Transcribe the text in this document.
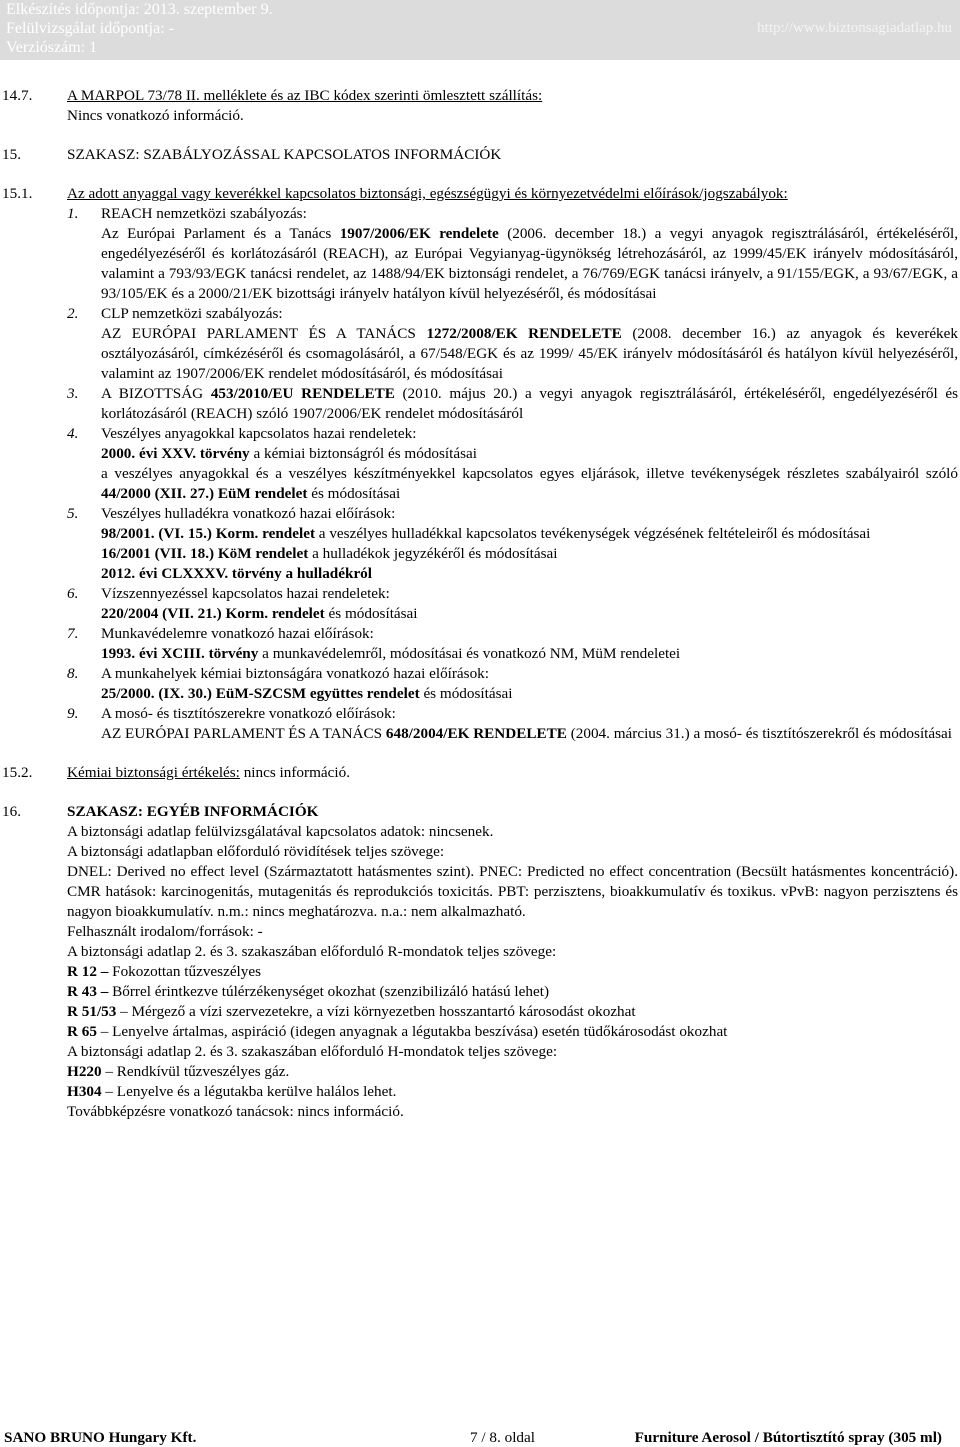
Elkészítés időpontja: 2013. szeptember 9.
Felülvizsgálat időpontja: -
Verziószám: 1
http://www.biztonsagiadatlap.hu
14.7. A MARPOL 73/78 II. melléklete és az IBC kódex szerinti ömlesztett szállítás:
Nincs vonatkozó információ.
15.	SZAKASZ: SZABÁLYOZÁSSAL KAPCSOLATOS INFORMÁCIÓK
15.1. Az adott anyaggal vagy keverékkel kapcsolatos biztonsági, egészségügyi és környezetvédelmi előírások/jogszabályok:
1. REACH nemzetközi szabályozás:
Az Európai Parlament és a Tanács 1907/2006/EK rendelete (2006. december 18.) a vegyi anyagok regisztrálásáról, értékeléséről, engedélyezéséről és korlátozásáról (REACH), az Európai Vegyianyag-ügynökség létrehozásáról, az 1999/45/EK irányelv módosításáról, valamint a 793/93/EGK tanácsi rendelet, az 1488/94/EK biztonsági rendelet, a 76/769/EGK tanácsi irányelv, a 91/155/EGK, a 93/67/EGK, a 93/105/EK és a 2000/21/EK bizottsági irányelv hatályon kívül helyezéséről, és módosításai
2. CLP nemzetközi szabályozás:
AZ EURÓPAI PARLAMENT ÉS A TANÁCS 1272/2008/EK RENDELETE (2008. december 16.) az anyagok és keverékek osztályozásáról, címkézéséről és csomagolásáról, a 67/548/EGK és az 1999/ 45/EK irányelv módosításáról és hatályon kívül helyezéséről, valamint az 1907/2006/EK rendelet módosításáról, és módosításai
3. A BIZOTTSÁG 453/2010/EU RENDELETE (2010. május 20.) a vegyi anyagok regisztrálásáról, értékeléséről, engedélyezéséről és korlátozásáról (REACH) szóló 1907/2006/EK rendelet módosításáról
4. Veszélyes anyagokkal kapcsolatos hazai rendeletek:
2000. évi XXV. törvény a kémiai biztonságról és módosításai
a veszélyes anyagokkal és a veszélyes készítményekkel kapcsolatos egyes eljárások, illetve tevékenységek részletes szabályairól szóló 44/2000 (XII. 27.) EüM rendelet és módosításai
5. Veszélyes hulladékra vonatkozó hazai előírások:
98/2001. (VI. 15.) Korm. rendelet a veszélyes hulladékkal kapcsolatos tevékenységek végzésének feltételeiről és módosításai
16/2001 (VII. 18.) KöM rendelet a hulladékok jegyzékéről és módosításai
2012. évi CLXXXV. törvény a hulladékról
6. Vízszennyezéssel kapcsolatos hazai rendeletek:
220/2004 (VII. 21.) Korm. rendelet és módosításai
7. Munkavédelemre vonatkozó hazai előírások:
1993. évi XCIII. törvény a munkavédelemről, módosításai és vonatkozó NM, MüM rendeletei
8. A munkahelyek kémiai biztonságára vonatkozó hazai előírások:
25/2000. (IX. 30.) EüM-SZCSM együttes rendelet és módosításai
9. A mosó- és tisztítószerekre vonatkozó előírások:
AZ EURÓPAI PARLAMENT ÉS A TANÁCS 648/2004/EK RENDELETE (2004. március 31.) a mosó- és tisztítószerekről és módosításai
15.2. Kémiai biztonsági értékelés: nincs információ.
16.	SZAKASZ: EGYÉB INFORMÁCIÓK
A biztonsági adatlap felülvizsgálatával kapcsolatos adatok: nincsenek.
A biztonsági adatlapban előforduló rövidítések teljes szövege:
DNEL: Derived no effect level (Származtatott hatásmentes szint). PNEC: Predicted no effect concentration (Becsült hatásmentes koncentráció). CMR hatások: karcinogenitás, mutagenitás és reprodukciós toxicitás. PBT: perzisztens, bioakkumulatív és toxikus. vPvB: nagyon perzisztens és nagyon bioakkumulatív. n.m.: nincs meghatározva. n.a.: nem alkalmazható.
Felhasznált irodalom/források: -
A biztonsági adatlap 2. és 3. szakaszában előforduló R-mondatok teljes szövege:
R 12 – Fokozottan tűzveszélyes
R 43 – Bőrrel érintkezve túlérzékenységet okozhat (szenzibilizáló hatású lehet)
R 51/53 – Mérgező a vízi szervezetekre, a vízi környezetben hosszantartó károsodást okozhat
R 65 – Lenyelve ártalmas, aspiráció (idegen anyagnak a légutakba beszívása) esetén tüdőkárosodást okozhat
A biztonsági adatlap 2. és 3. szakaszában előforduló H-mondatok teljes szövege:
H220 – Rendkívül tűzveszélyes gáz.
H304 – Lenyelve és a légutakba kerülve halálos lehet.
Továbbképzésre vonatkozó tanácsok: nincs információ.
SANO BRUNO Hungary Kft.	7 / 8. oldal	Furniture Aerosol / Bútortisztító spray (305 ml)
